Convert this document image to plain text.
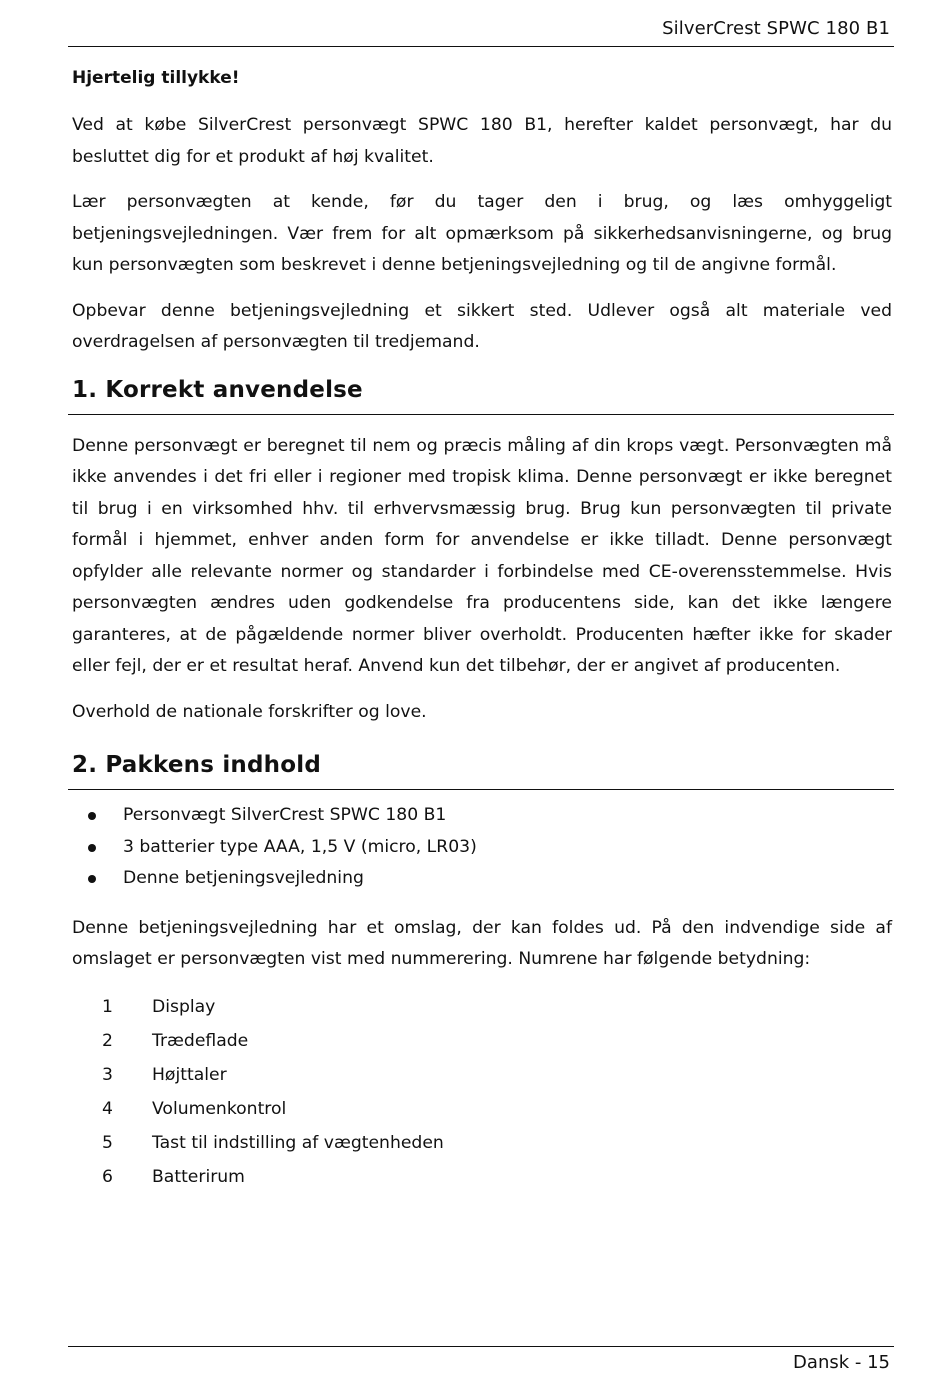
SilverCrest SPWC 180 B1
Hjertelig tillykke!

Ved at købe SilverCrest personvægt SPWC 180 B1, herefter kaldet personvægt, har du besluttet dig for et produkt af høj kvalitet.

Lær personvægten at kende, før du tager den i brug, og læs omhyggeligt betjeningsvejledningen. Vær frem for alt opmærksom på sikkerhedsanvisningerne, og brug kun personvægten som beskrevet i denne betjeningsvejledning og til de angivne formål.

Opbevar denne betjeningsvejledning et sikkert sted. Udlever også alt materiale ved overdragelsen af personvægten til tredjemand.

1. Korrekt anvendelse

Denne personvægt er beregnet til nem og præcis måling af din krops vægt. Personvægten må ikke anvendes i det fri eller i regioner med tropisk klima. Denne personvægt er ikke beregnet til brug i en virksomhed hhv. til erhvervsmæssig brug. Brug kun personvægten til private formål i hjemmet, enhver anden form for anvendelse er ikke tilladt. Denne personvægt opfylder alle relevante normer og standarder i forbindelse med CE-overensstemmelse. Hvis personvægten ændres uden godkendelse fra producentens side, kan det ikke længere garanteres, at de pågældende normer bliver overholdt. Producenten hæfter ikke for skader eller fejl, der er et resultat heraf. Anvend kun det tilbehør, der er angivet af producenten.

Overhold de nationale forskrifter og love.

2. Pakkens indhold
Personvægt SilverCrest SPWC 180 B1
3 batterier type AAA, 1,5 V (micro, LR03)
Denne betjeningsvejledning

Denne betjeningsvejledning har et omslag, der kan foldes ud. På den indvendige side af omslaget er personvægten vist med nummerering. Numrene har følgende betydning:

1 Display
2 Trædeflade
3 Højttaler
4 Volumenkontrol
5 Tast til indstilling af vægtenheden
6 Batterirum
Dansk - 15
